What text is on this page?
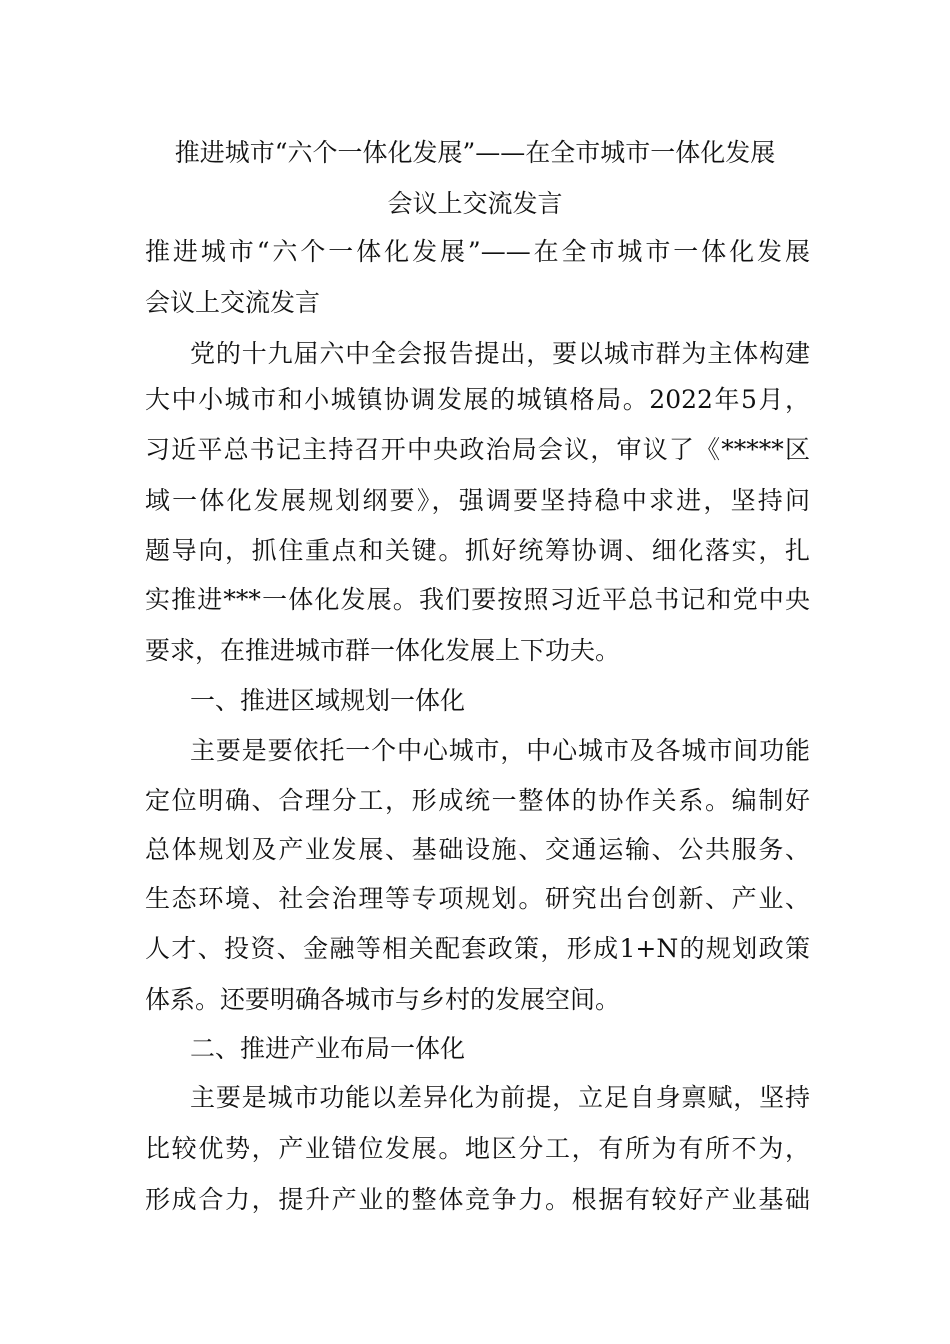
推进城市“六个一体化发展”——在全市城市一体化发展
会议上交流发言
推进城市“六个一体化发展”——在全市城市一体化发展
会议上交流发言
党的十九届六中全会报告提出，要以城市群为主体构建
大中小城市和小城镇协调发展的城镇格局。2022年5月，
习近平总书记主持召开中央政治局会议，审议了《*****区
域一体化发展规划纲要》，强调要坚持稳中求进，坚持问
题导向，抓住重点和关键。抓好统筹协调、细化落实，扎
实推进***一体化发展。我们要按照习近平总书记和党中央
要求，在推进城市群一体化发展上下功夫。
一、推进区域规划一体化
主要是要依托一个中心城市，中心城市及各城市间功能
定位明确、合理分工，形成统一整体的协作关系。编制好
总体规划及产业发展、基础设施、交通运输、公共服务、
生态环境、社会治理等专项规划。研究出台创新、产业、
人才、投资、金融等相关配套政策，形成1+N的规划政策
体系。还要明确各城市与乡村的发展空间。
二、推进产业布局一体化
主要是城市功能以差异化为前提，立足自身禀赋，坚持
比较优势，产业错位发展。地区分工，有所为有所不为，
形成合力，提升产业的整体竞争力。根据有较好产业基础
